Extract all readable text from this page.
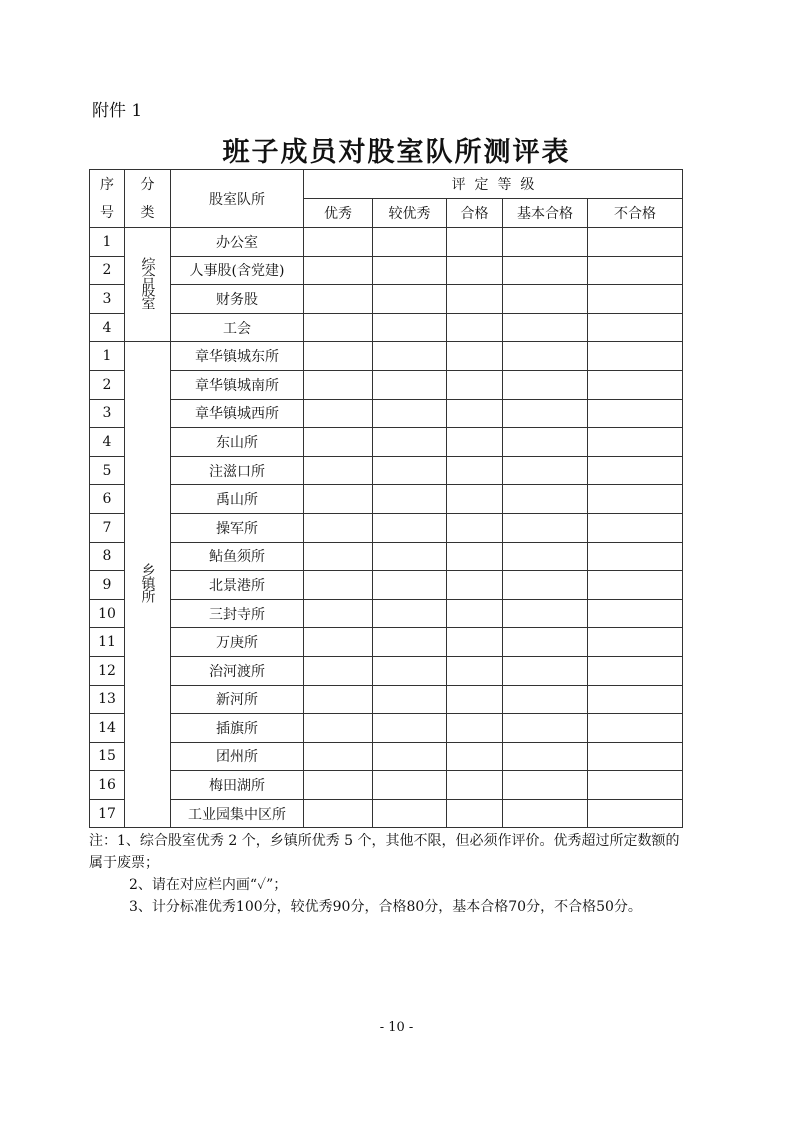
附件 1
班子成员对股室队所测评表
序号	分类	股室队所	评  定  等  级				
			优秀	较优秀	合格	基本合格	不合格
1	综合股室	办公室					
2		人事股(含党建)					
3		财务股					
4		工会					
1	乡镇所	章华镇城东所					
2		章华镇城南所					
3		章华镇城西所					
4		东山所					
5		注滋口所					
6		禹山所					
7		操军所					
8		鲇鱼须所					
9		北景港所					
10		三封寺所					
11		万庚所					
12		治河渡所					
13		新河所					
14		插旗所					
15		团州所					
16		梅田湖所					
17		工业园集中区所					
注：1、综合股室优秀 2 个，乡镇所优秀 5 个，其他不限，但必须作评价。优秀超过所定数额的属于废票；
2、请在对应栏内画“✓”；
3、计分标准优秀100分，较优秀90分，合格80分，基本合格70分，不合格50分。
- 10 -
